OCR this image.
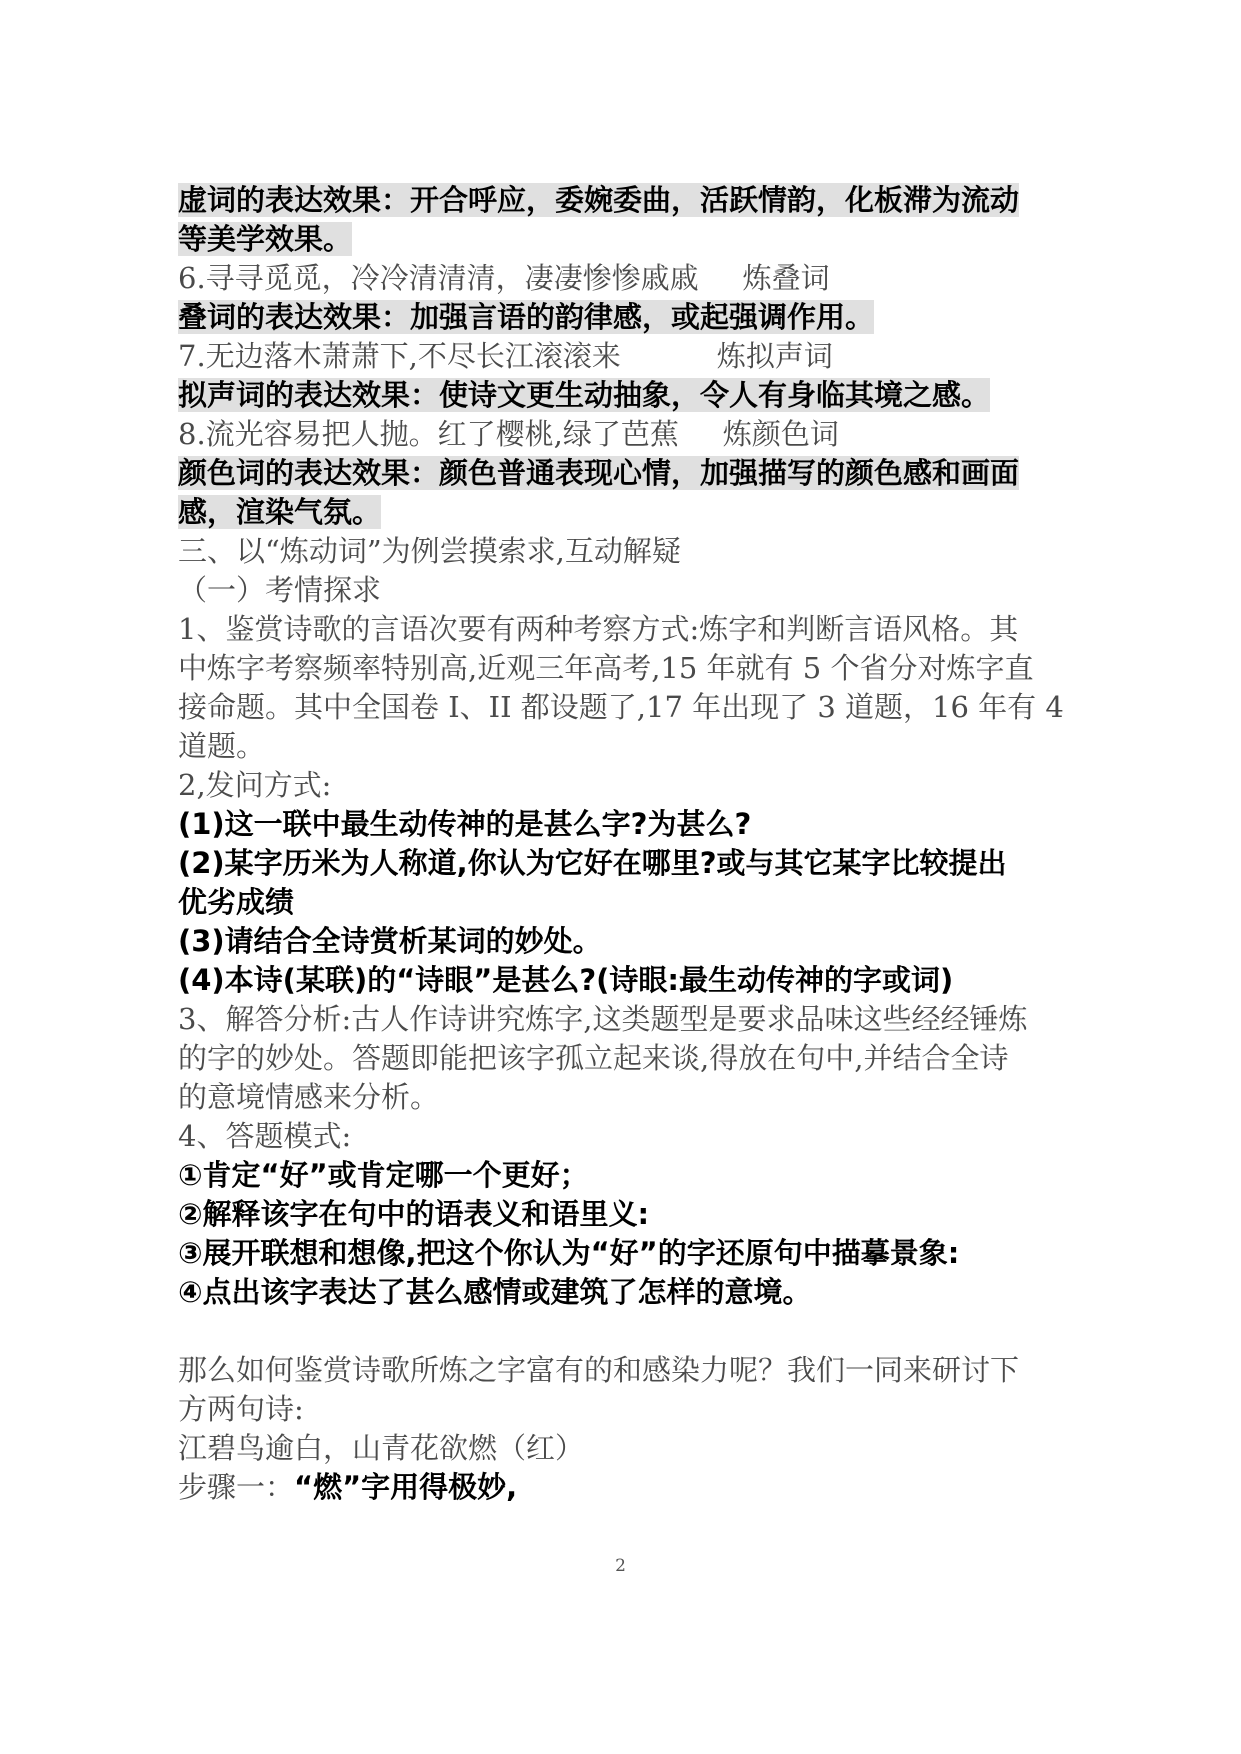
虚词的表达效果：开合呼应，委婉委曲，活跃情韵，化板滞为流动
等美学效果。
6.寻寻觅觅，冷冷清清清，凄凄惨惨戚戚 炼叠词
叠词的表达效果：加强言语的韵律感，或起强调作用。
7.无边落木萧萧下,不尽长江滚滚来	炼拟声词
拟声词的表达效果：使诗文更生动抽象，令人有身临其境之感。
8.流光容易把人抛。红了樱桃,绿了芭蕉 炼颜色词
颜色词的表达效果：颜色普通表现心情，加强描写的颜色感和画面
感，渲染气氛。
三、以“炼动词”为例尝摸索求,互动解疑
（一）考情探求
1、鉴赏诗歌的言语次要有两种考察方式:炼字和判断言语风格。其
中炼字考察频率特别高,近观三年高考,15 年就有 5 个省分对炼字直
接命题。其中全国卷 I、II 都设题了,17 年出现了 3 道题，16 年有 4
道题。
2,发问方式:
(1)这一联中最生动传神的是甚么字?为甚么?
(2)某字历米为人称道,你认为它好在哪里?或与其它某字比较提出
优劣成绩
(3)请结合全诗赏析某词的妙处。
(4)本诗(某联)的“诗眼”是甚么?(诗眼:最生动传神的字或词)
3、解答分析:古人作诗讲究炼字,这类题型是要求品味这些经经锤炼
的字的妙处。答题即能把该字孤立起来谈,得放在句中,并结合全诗
的意境情感来分析。
4、答题模式:
①肯定“好”或肯定哪一个更好；
②解释该字在句中的语表义和语里义:
③展开联想和想像,把这个你认为“好”的字还原句中描摹景象:
④点出该字表达了甚么感情或建筑了怎样的意境。
那么如何鉴赏诗歌所炼之字富有的和感染力呢？我们一同来研讨下
方两句诗:
江碧鸟逾白，山青花欲燃（红）
步骤一：“燃”字用得极妙,
2
